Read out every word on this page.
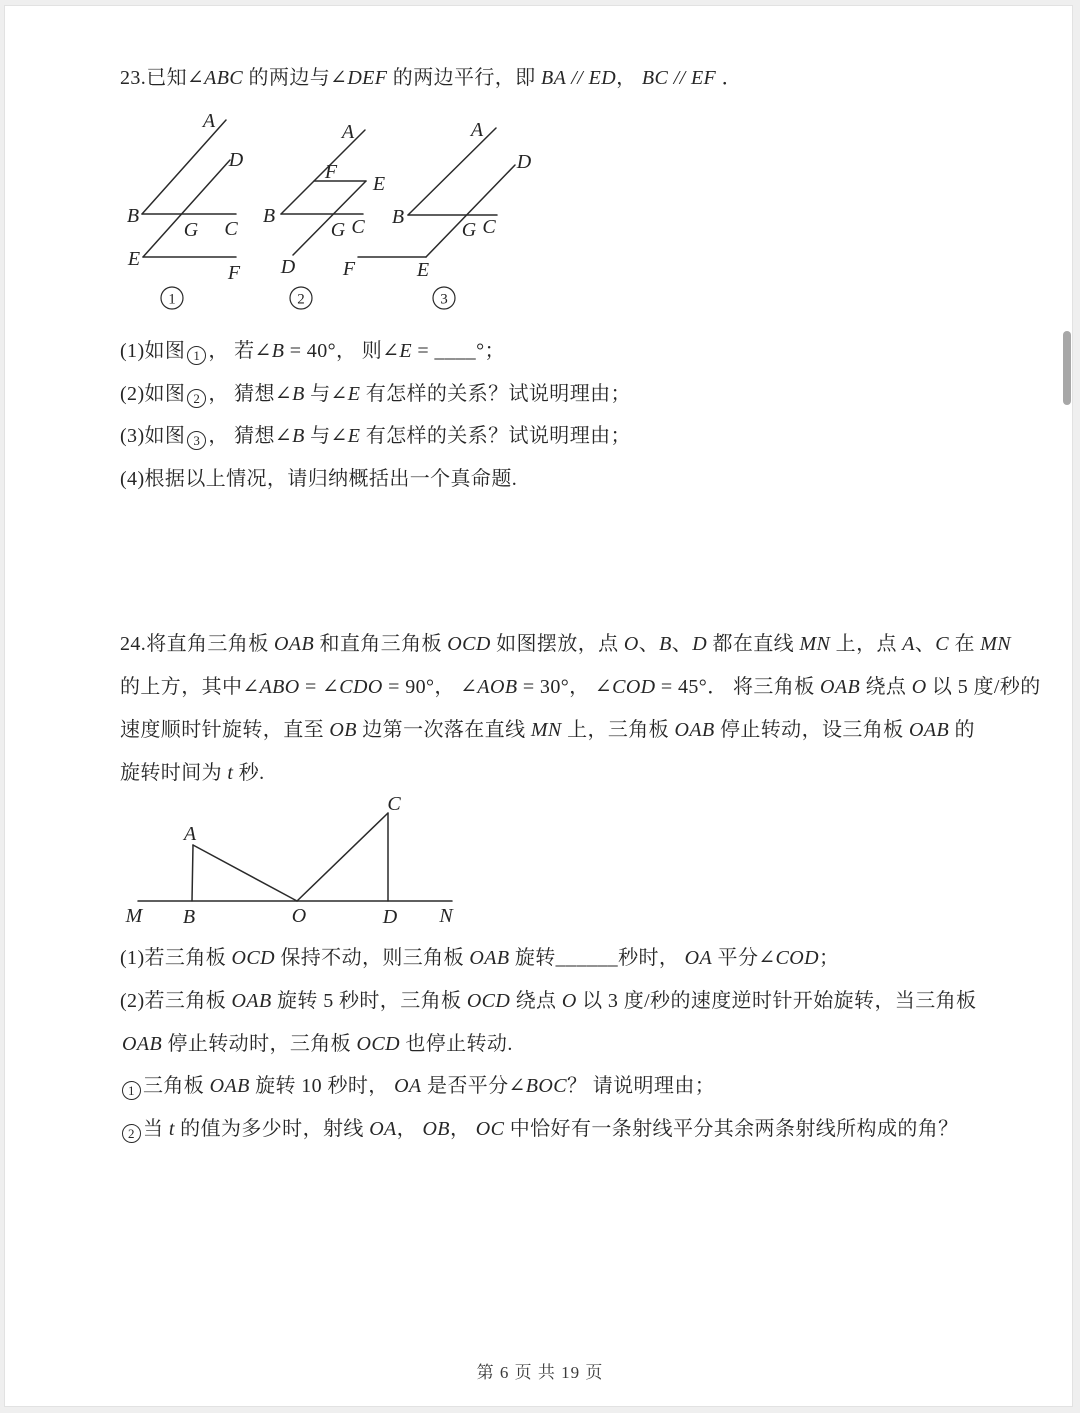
23.已知∠ABC 的两边与∠DEF 的两边平行，即 BA // ED， BC // EF ．
A
D
B
G C
E
F
A
F
E
B
G C
D
A
D
B
G C
F	E
1	2	3
(1)如图 1 ， 若∠B = 40°， 则∠E = ____°；
(2)如图 2 ， 猜想∠B 与∠E 有怎样的关系？试说明理由；
(3)如图 3 ， 猜想∠B 与∠E 有怎样的关系？试说明理由；
(4)根据以上情况，请归纳概括出一个真命题.
24.将直角三角板 OAB 和直角三角板 OCD 如图摆放，点 O、B、D 都在直线 MN 上，点 A、C 在 MN
的上方，其中∠ABO = ∠CDO = 90°， ∠AOB = 30°， ∠COD = 45°． 将三角板 OAB 绕点 O 以 5 度/秒的
速度顺时针旋转，直至 OB 边第一次落在直线 MN 上，三角板 OAB 停止转动，设三角板 OAB 的
旋转时间为 t 秒.
A
C
M B	O	D N
(1)若三角板 OCD 保持不动，则三角板 OAB 旋转______秒时， OA 平分∠COD；
(2)若三角板 OAB 旋转 5 秒时，三角板 OCD 绕点 O 以 3 度/秒的速度逆时针开始旋转，当三角板
OAB 停止转动时，三角板 OCD 也停止转动.
1 三角板 OAB 旋转 10 秒时， OA 是否平分∠BOC？ 请说明理由；
2 当 t 的值为多少时，射线 OA， OB， OC 中恰好有一条射线平分其余两条射线所构成的角？
第 6 页 共 19 页
